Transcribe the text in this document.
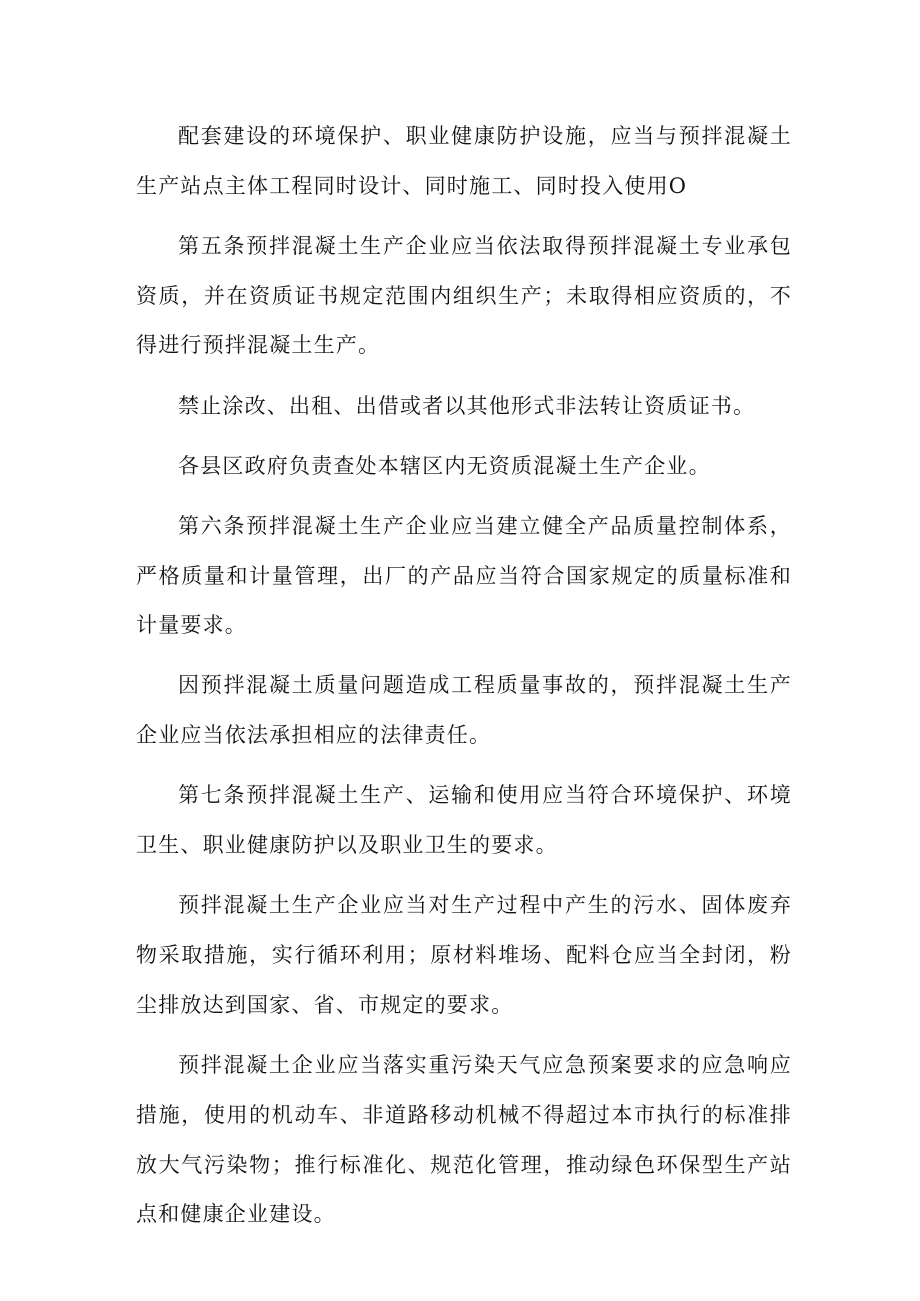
配套建设的环境保护、职业健康防护设施，应当与预拌混凝土生产站点主体工程同时设计、同时施工、同时投入使用O

第五条预拌混凝土生产企业应当依法取得预拌混凝土专业承包资质，并在资质证书规定范围内组织生产；未取得相应资质的，不得进行预拌混凝土生产。

禁止涂改、出租、出借或者以其他形式非法转让资质证书。

各县区政府负责查处本辖区内无资质混凝土生产企业。

第六条预拌混凝土生产企业应当建立健全产品质量控制体系，严格质量和计量管理，出厂的产品应当符合国家规定的质量标准和计量要求。

因预拌混凝土质量问题造成工程质量事故的，预拌混凝土生产企业应当依法承担相应的法律责任。

第七条预拌混凝土生产、运输和使用应当符合环境保护、环境卫生、职业健康防护以及职业卫生的要求。

预拌混凝土生产企业应当对生产过程中产生的污水、固体废弃物采取措施，实行循环利用；原材料堆场、配料仓应当全封闭，粉尘排放达到国家、省、市规定的要求。

预拌混凝土企业应当落实重污染天气应急预案要求的应急响应措施，使用的机动车、非道路移动机械不得超过本市执行的标准排放大气污染物；推行标准化、规范化管理，推动绿色环保型生产站点和健康企业建设。
